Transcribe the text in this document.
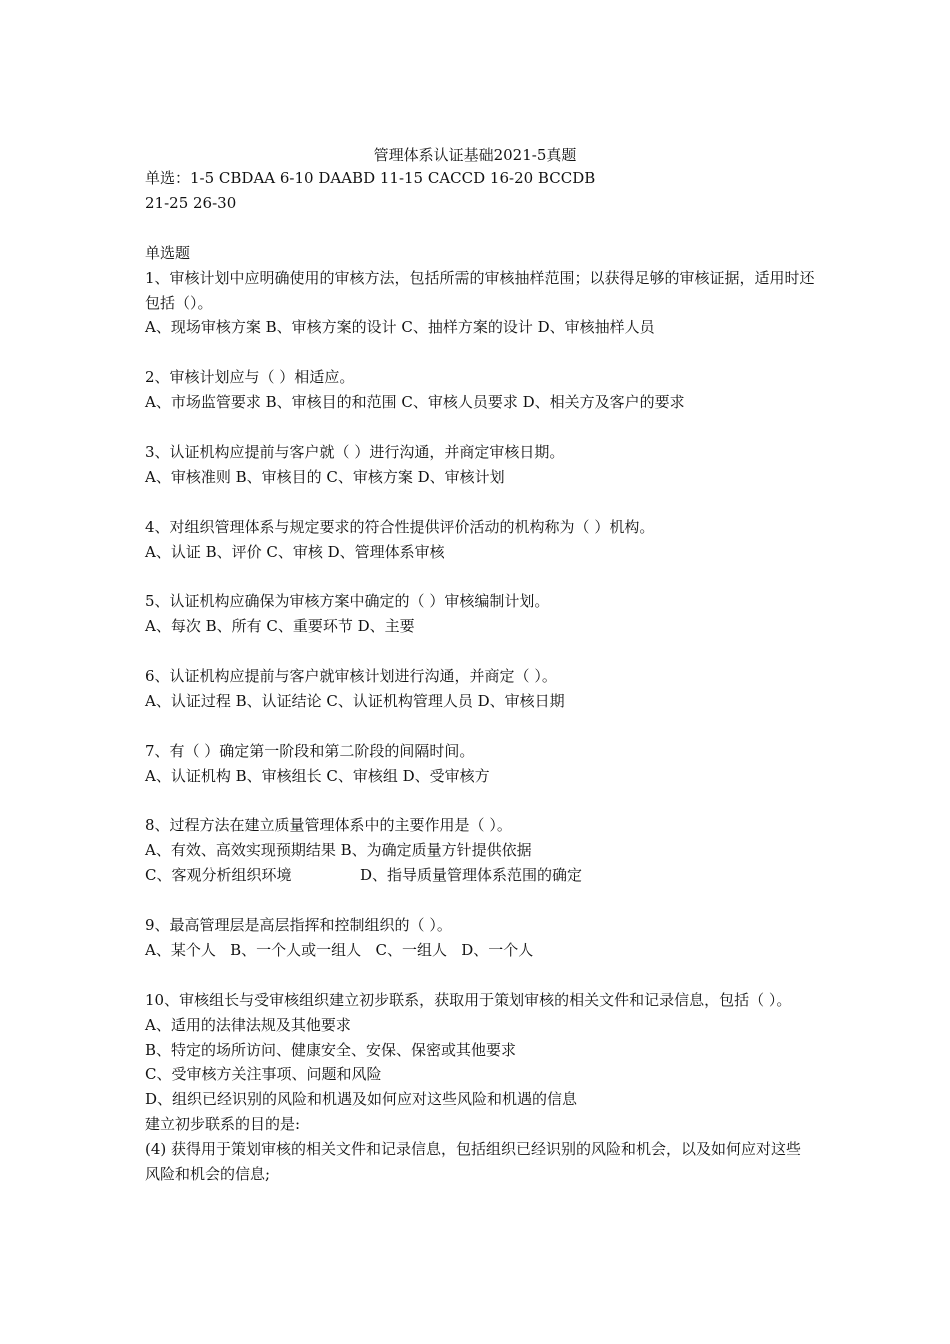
管理体系认证基础2021-5真题
单选：1-5 CBDAA 6-10 DAABD 11-15 CACCD 16-20 BCCDB
21-25 26-30
单选题
1、审核计划中应明确使用的审核方法，包括所需的审核抽样范围；以获得足够的审核证据，适用时还包括（）。
A、现场审核方案 B、审核方案的设计 C、抽样方案的设计 D、审核抽样人员
2、审核计划应与（ ）相适应。
A、市场监管要求 B、审核目的和范围 C、审核人员要求 D、相关方及客户的要求
3、认证机构应提前与客户就（ ）进行沟通，并商定审核日期。
A、审核准则 B、审核目的 C、审核方案 D、审核计划
4、对组织管理体系与规定要求的符合性提供评价活动的机构称为（ ）机构。
A、认证 B、评价 C、审核 D、管理体系审核
5、认证机构应确保为审核方案中确定的（ ）审核编制计划。
A、每次 B、所有 C、重要环节 D、主要
6、认证机构应提前与客户就审核计划进行沟通，并商定（ ）。
A、认证过程 B、认证结论 C、认证机构管理人员 D、审核日期
7、有（ ）确定第一阶段和第二阶段的间隔时间。
A、认证机构 B、审核组长 C、审核组 D、受审核方
8、过程方法在建立质量管理体系中的主要作用是（ ）。
A、有效、高效实现预期结果 B、为确定质量方针提供依据
C、客观分析组织环境	D、指导质量管理体系范围的确定
9、最高管理层是高层指挥和控制组织的（ ）。
A、某个人   B、一个人或一组人   C、一组人   D、一个人
10、审核组长与受审核组织建立初步联系，获取用于策划审核的相关文件和记录信息，包括（ ）。
A、适用的法律法规及其他要求
B、特定的场所访问、健康安全、安保、保密或其他要求
C、受审核方关注事项、问题和风险
D、组织已经识别的风险和机遇及如何应对这些风险和机遇的信息
建立初步联系的目的是:
(4) 获得用于策划审核的相关文件和记录信息，包括组织已经识别的风险和机会，以及如何应对这些风险和机会的信息;
